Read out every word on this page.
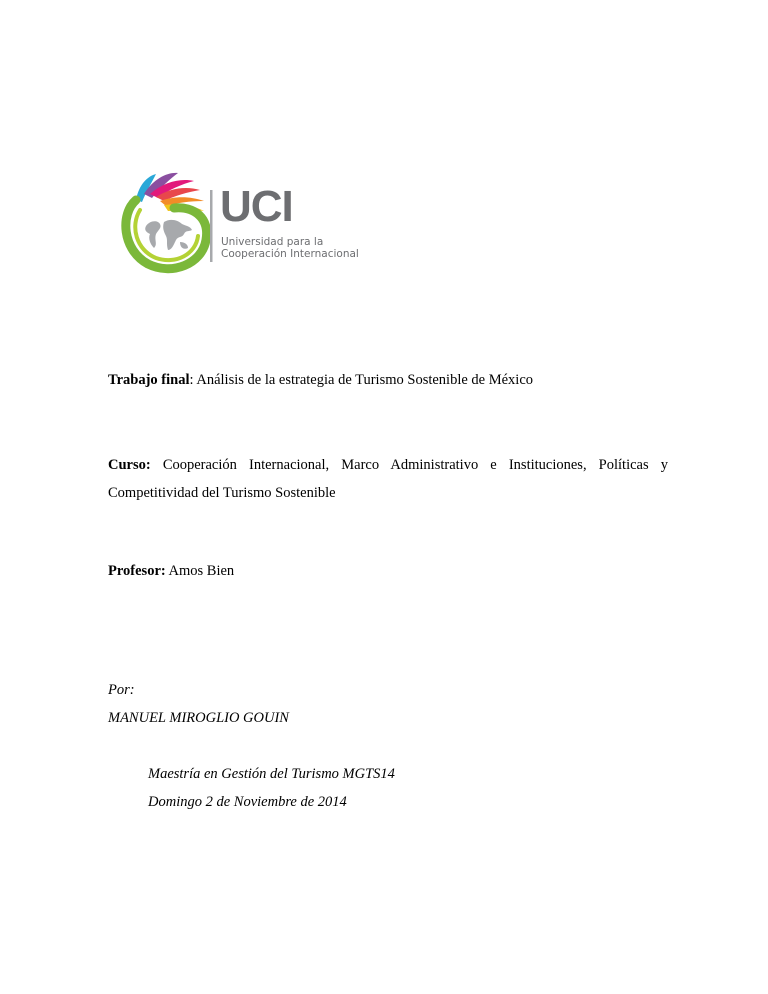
UCI
Universidad para la
Cooperación Internacional
Trabajo final: Análisis de la estrategia de Turismo Sostenible de México
Curso: Cooperación Internacional, Marco Administrativo e Instituciones, Políticas y Competitividad del Turismo Sostenible
Profesor: Amos Bien
Por:
MANUEL MIROGLIO GOUIN
Maestría en Gestión del Turismo MGTS14
Domingo 2 de Noviembre de 2014
